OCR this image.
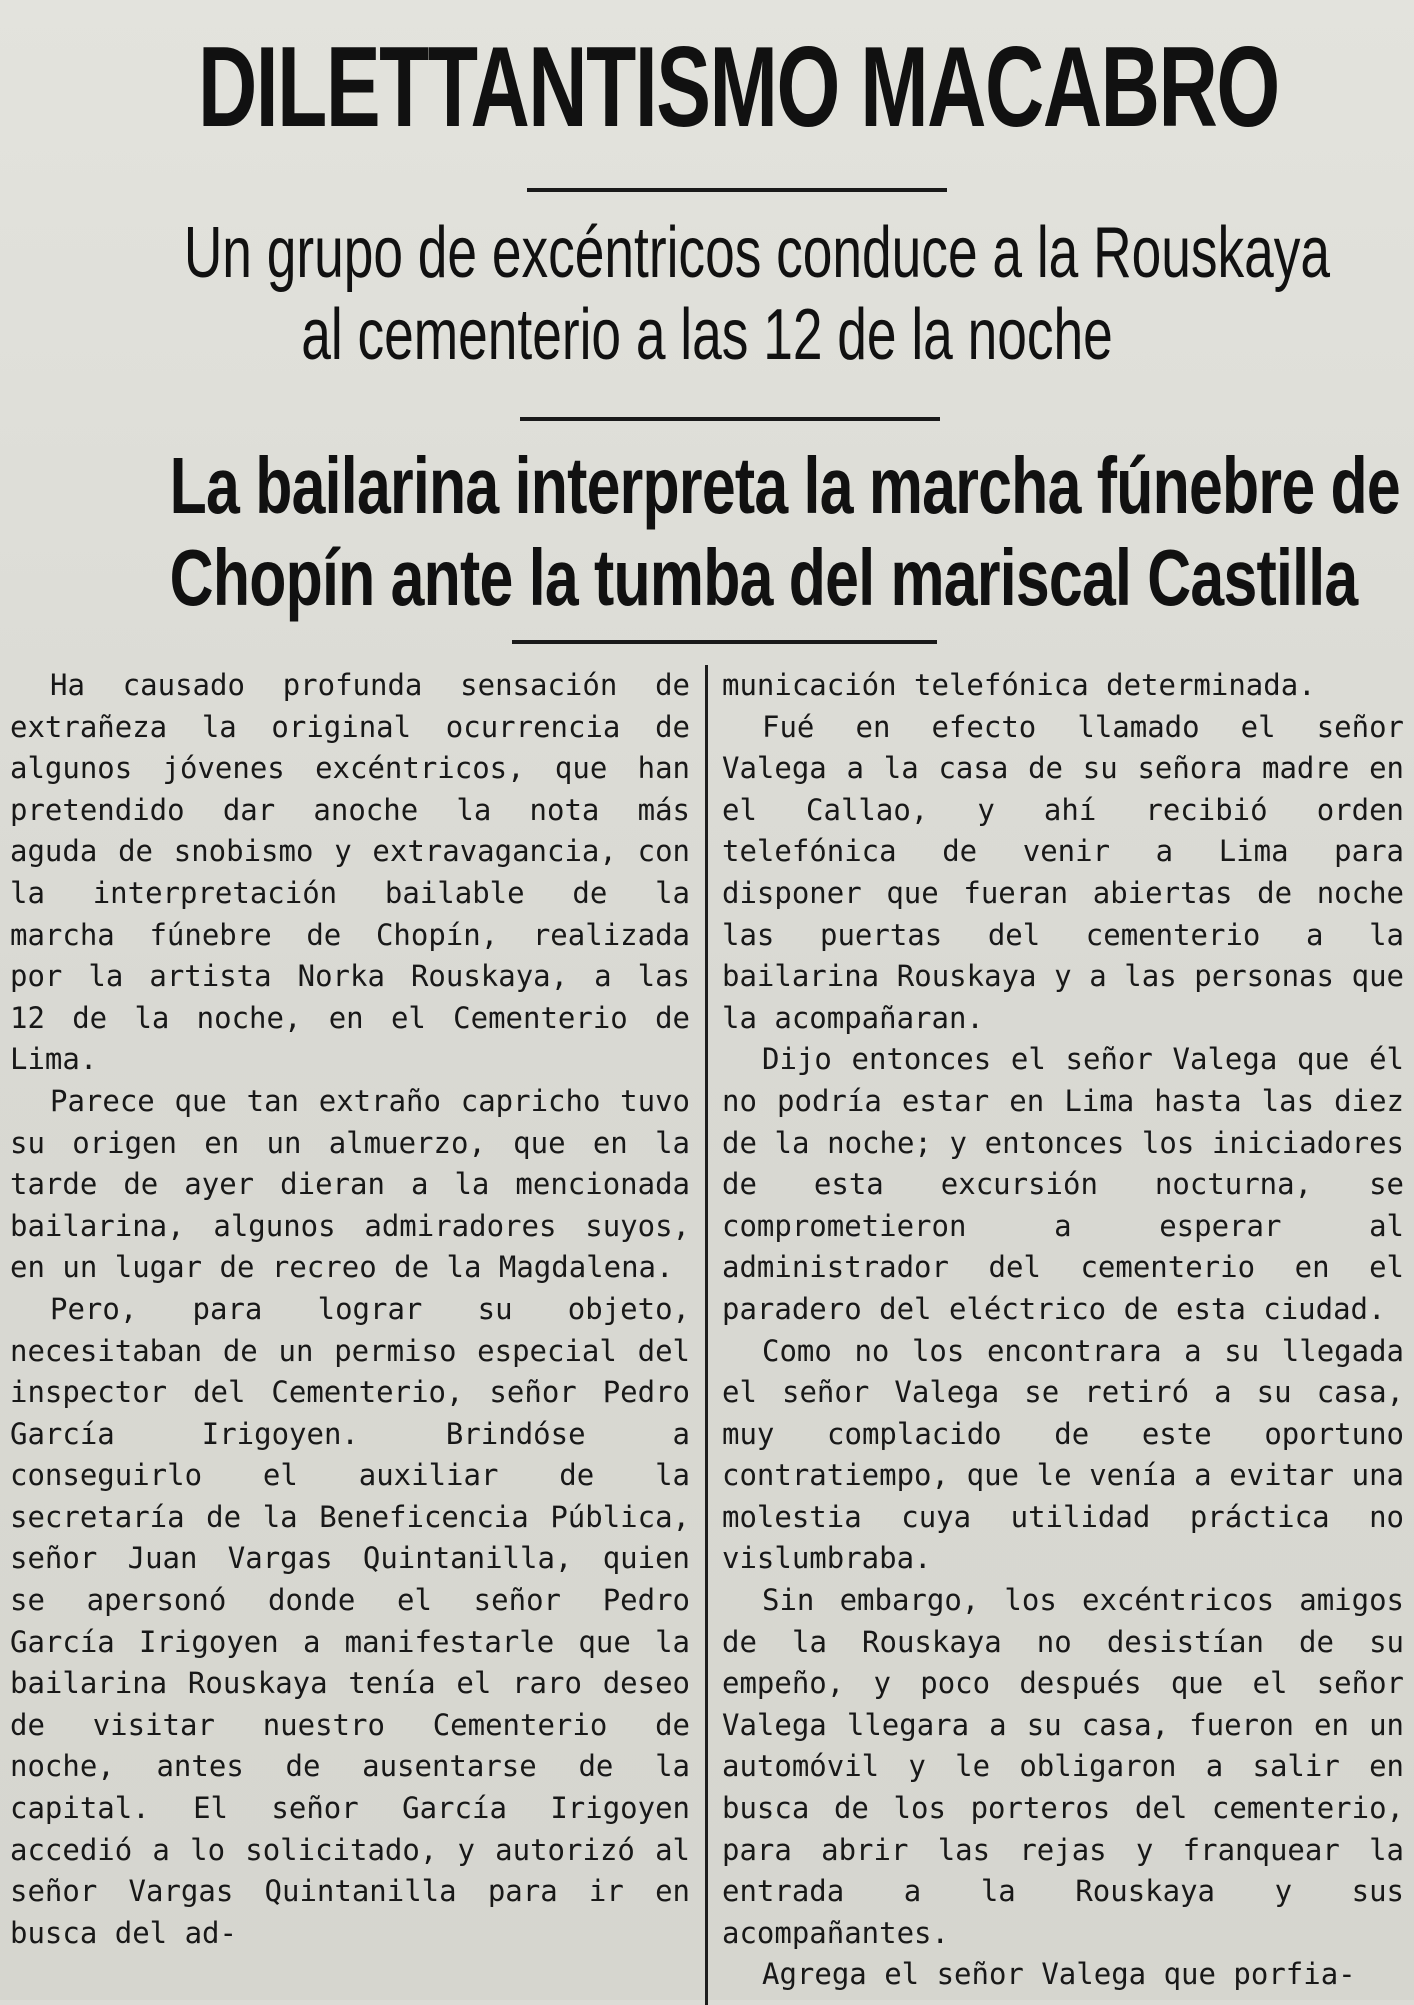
DILETTANTISMO MACABRO
Un grupo de excéntricos conduce a la Rouskaya
al cementerio a las 12 de la noche
La bailarina interpreta la marcha fúnebre de
Chopín ante la tumba del mariscal Castilla

Ha causado profunda sensación de extrañeza la original ocurrencia de algunos jóvenes excéntricos, que han pretendido dar anoche la nota más aguda de snobismo y extravagancia, con la interpretación bailable de la marcha fúnebre de Chopín, realizada por la artista Norka Rouskaya, a las 12 de la noche, en el Cementerio de Lima.

Parece que tan extraño capricho tuvo su origen en un almuerzo, que en la tarde de ayer dieran a la mencionada bailarina, algunos admiradores suyos, en un lugar de recreo de la Magdalena.

Pero, para lograr su objeto, necesitaban de un permiso especial del inspector del Cementerio, señor Pedro García Irigoyen. Brindóse a conseguirlo el auxiliar de la secretaría de la Beneficencia Pública, señor Juan Vargas Quintanilla, quien se apersonó donde el señor Pedro García Irigoyen a manifestarle que la bailarina Rouskaya tenía el raro deseo de visitar nuestro Cementerio de noche, antes de ausentarse de la capital. El señor García Irigoyen accedió a lo solicitado, y autorizó al señor Vargas Quintanilla para ir en busca del ad-

municación telefónica determinada.

Fué en efecto llamado el señor Valega a la casa de su señora madre en el Callao, y ahí recibió orden telefónica de venir a Lima para disponer que fueran abiertas de noche las puertas del cementerio a la bailarina Rouskaya y a las personas que la acompañaran.

Dijo entonces el señor Valega que él no podría estar en Lima hasta las diez de la noche; y entonces los iniciadores de esta excursión nocturna, se comprometieron a esperar al administrador del cementerio en el paradero del eléctrico de esta ciudad.

Como no los encontrara a su llegada el señor Valega se retiró a su casa, muy complacido de este oportuno contratiempo, que le venía a evitar una molestia cuya utilidad práctica no vislumbraba.

Sin embargo, los excéntricos amigos de la Rouskaya no desistían de su empeño, y poco después que el señor Valega llegara a su casa, fueron en un automóvil y le obligaron a salir en busca de los porteros del cementerio, para abrir las rejas y franquear la entrada a la Rouskaya y sus acompañantes.

Agrega el señor Valega que porfia-
